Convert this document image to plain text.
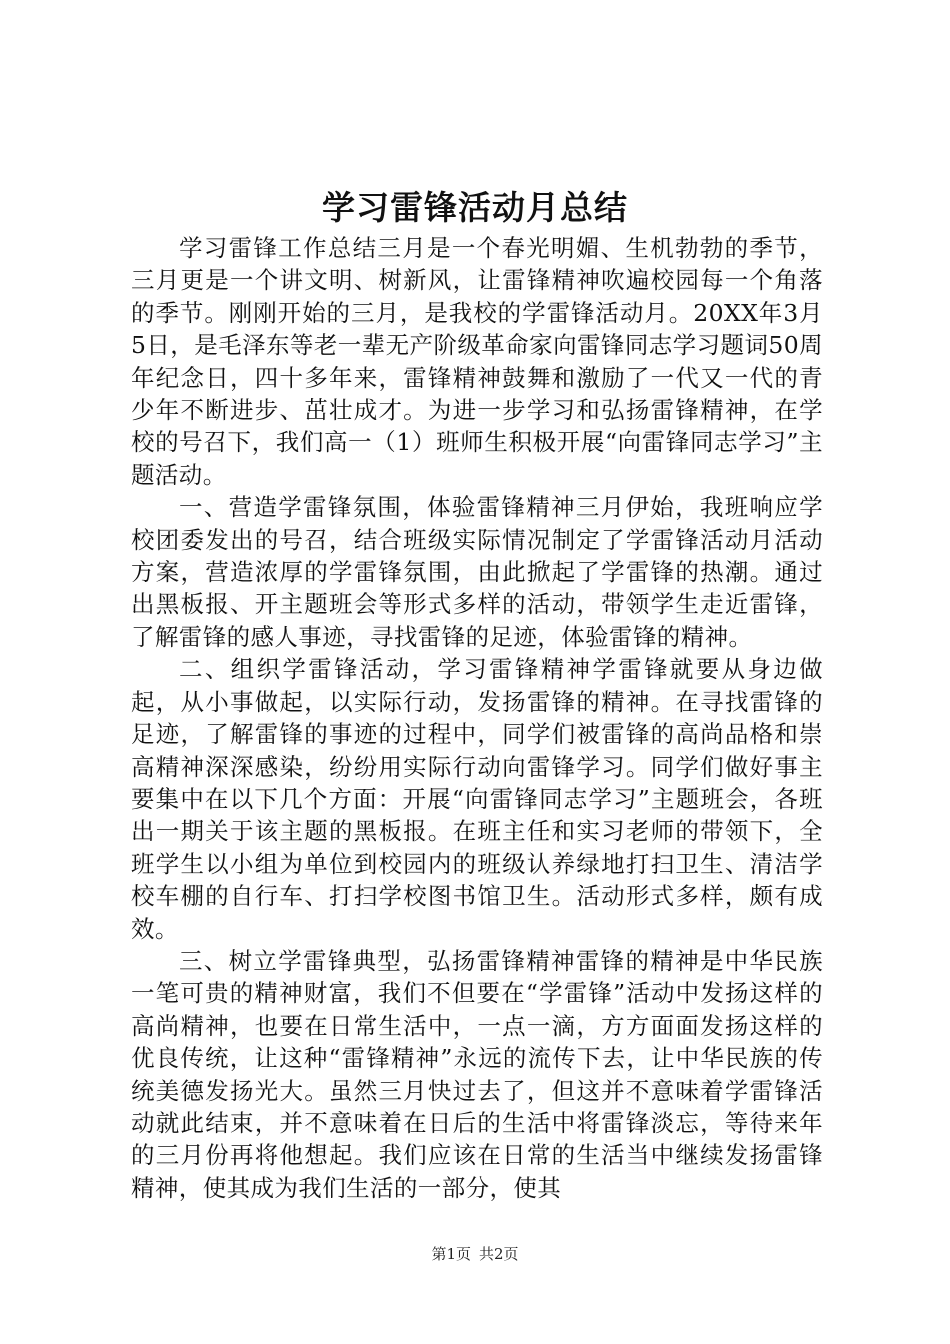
学习雷锋活动月总结

学习雷锋工作总结三月是一个春光明媚、生机勃勃的季节，三月更是一个讲文明、树新风，让雷锋精神吹遍校园每一个角落的季节。刚刚开始的三月，是我校的学雷锋活动月。20XX年3月5日，是毛泽东等老一辈无产阶级革命家向雷锋同志学习题词50周年纪念日，四十多年来，雷锋精神鼓舞和激励了一代又一代的青少年不断进步、茁壮成才。为进一步学习和弘扬雷锋精神，在学校的号召下，我们高一（1）班师生积极开展“向雷锋同志学习”主题活动。

一、营造学雷锋氛围，体验雷锋精神三月伊始，我班响应学校团委发出的号召，结合班级实际情况制定了学雷锋活动月活动方案，营造浓厚的学雷锋氛围，由此掀起了学雷锋的热潮。通过出黑板报、开主题班会等形式多样的活动，带领学生走近雷锋，了解雷锋的感人事迹，寻找雷锋的足迹，体验雷锋的精神。

二、组织学雷锋活动，学习雷锋精神学雷锋就要从身边做起，从小事做起，以实际行动，发扬雷锋的精神。在寻找雷锋的足迹，了解雷锋的事迹的过程中，同学们被雷锋的高尚品格和崇高精神深深感染，纷纷用实际行动向雷锋学习。同学们做好事主要集中在以下几个方面：开展“向雷锋同志学习”主题班会，各班出一期关于该主题的黑板报。在班主任和实习老师的带领下，全班学生以小组为单位到校园内的班级认养绿地打扫卫生、清洁学校车棚的自行车、打扫学校图书馆卫生。活动形式多样，颇有成效。

三、树立学雷锋典型，弘扬雷锋精神雷锋的精神是中华民族一笔可贵的精神财富，我们不但要在“学雷锋”活动中发扬这样的高尚精神，也要在日常生活中，一点一滴，方方面面发扬这样的优良传统，让这种“雷锋精神”永远的流传下去，让中华民族的传统美德发扬光大。虽然三月快过去了，但这并不意味着学雷锋活动就此结束，并不意味着在日后的生活中将雷锋淡忘，等待来年的三月份再将他想起。我们应该在日常的生活当中继续发扬雷锋精神，使其成为我们生活的一部分，使其

第1页 共2页
